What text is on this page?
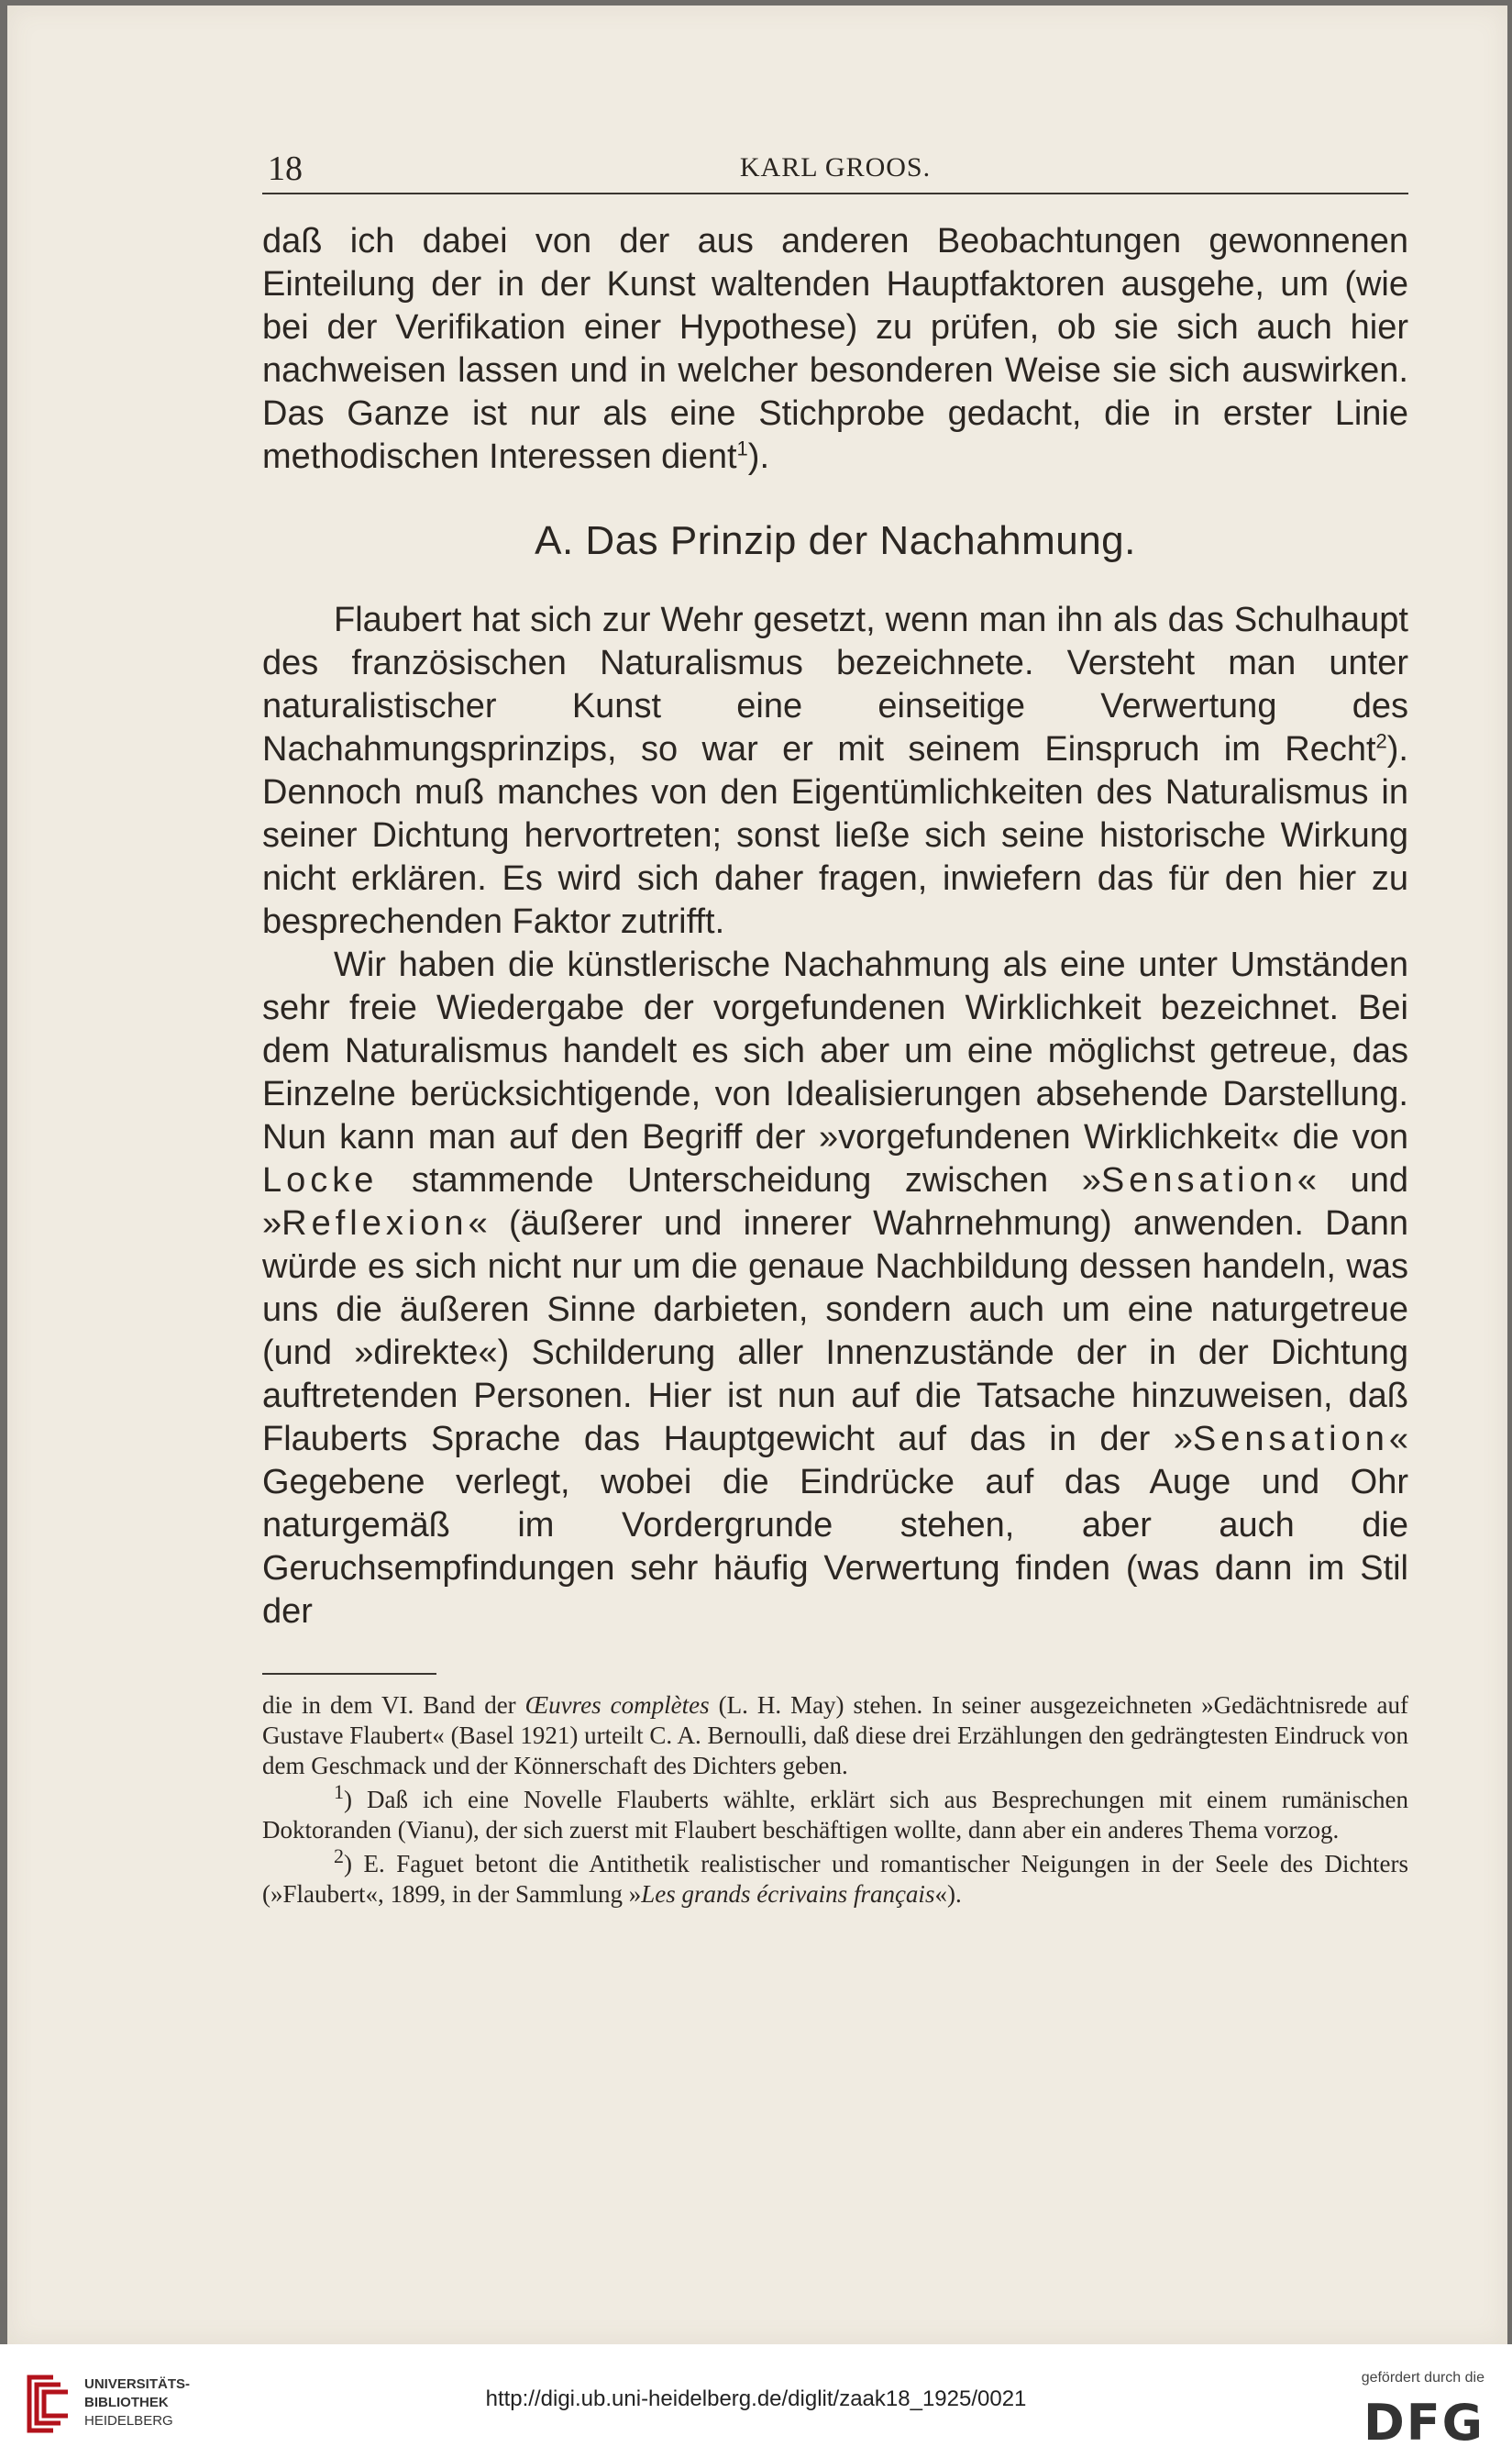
18	KARL GROOS.

daß ich dabei von der aus anderen Beobachtungen gewonnenen Einteilung der in der Kunst waltenden Hauptfaktoren ausgehe, um (wie bei der Verifikation einer Hypothese) zu prüfen, ob sie sich auch hier nachweisen lassen und in welcher besonderen Weise sie sich auswirken. Das Ganze ist nur als eine Stichprobe gedacht, die in erster Linie methodischen Interessen dient$^1$).

A. Das Prinzip der Nachahmung.

Flaubert hat sich zur Wehr gesetzt, wenn man ihn als das Schulhaupt des französischen Naturalismus bezeichnete. Versteht man unter naturalistischer Kunst eine einseitige Verwertung des Nachahmungsprinzips, so war er mit seinem Einspruch im Recht$^2$). Dennoch muß manches von den Eigentümlichkeiten des Naturalismus in seiner Dichtung hervortreten; sonst ließe sich seine historische Wirkung nicht erklären. Es wird sich daher fragen, inwiefern das für den hier zu besprechenden Faktor zutrifft.

Wir haben die künstlerische Nachahmung als eine unter Umständen sehr freie Wiedergabe der vorgefundenen Wirklichkeit bezeichnet. Bei dem Naturalismus handelt es sich aber um eine möglichst getreue, das Einzelne berücksichtigende, von Idealisierungen absehende Darstellung. Nun kann man auf den Begriff der »vorgefundenen Wirklichkeit« die von Locke stammende Unterscheidung zwischen »Sensation« und »Reflexion« (äußerer und innerer Wahrnehmung) anwenden. Dann würde es sich nicht nur um die genaue Nachbildung dessen handeln, was uns die äußeren Sinne darbieten, sondern auch um eine naturgetreue (und »direkte«) Schilderung aller Innenzustände der in der Dichtung auftretenden Personen. Hier ist nun auf die Tatsache hinzuweisen, daß Flauberts Sprache das Hauptgewicht auf das in der »Sensation« Gegebene verlegt, wobei die Eindrücke auf das Auge und Ohr naturgemäß im Vordergrunde stehen, aber auch die Geruchsempfindungen sehr häufig Verwertung finden (was dann im Stil der

die in dem VI. Band der Œuvres complètes (L. H. May) stehen. In seiner ausgezeichneten »Gedächtnisrede auf Gustave Flaubert« (Basel 1921) urteilt C. A. Bernoulli, daß diese drei Erzählungen den gedrängtesten Eindruck von dem Geschmack und der Könnerschaft des Dichters geben.

$^1$) Daß ich eine Novelle Flauberts wählte, erklärt sich aus Besprechungen mit einem rumänischen Doktoranden (Vianu), der sich zuerst mit Flaubert beschäftigen wollte, dann aber ein anderes Thema vorzog.

$^2$) E. Faguet betont die Antithetik realistischer und romantischer Neigungen in der Seele des Dichters (»Flaubert«, 1899, in der Sammlung »Les grands écrivains français«).

UNIVERSITÄTS-
BIBLIOTHEK
HEIDELBERG
http://digi.ub.uni-heidelberg.de/diglit/zaak18_1925/0021
gefördert durch die
DFG
